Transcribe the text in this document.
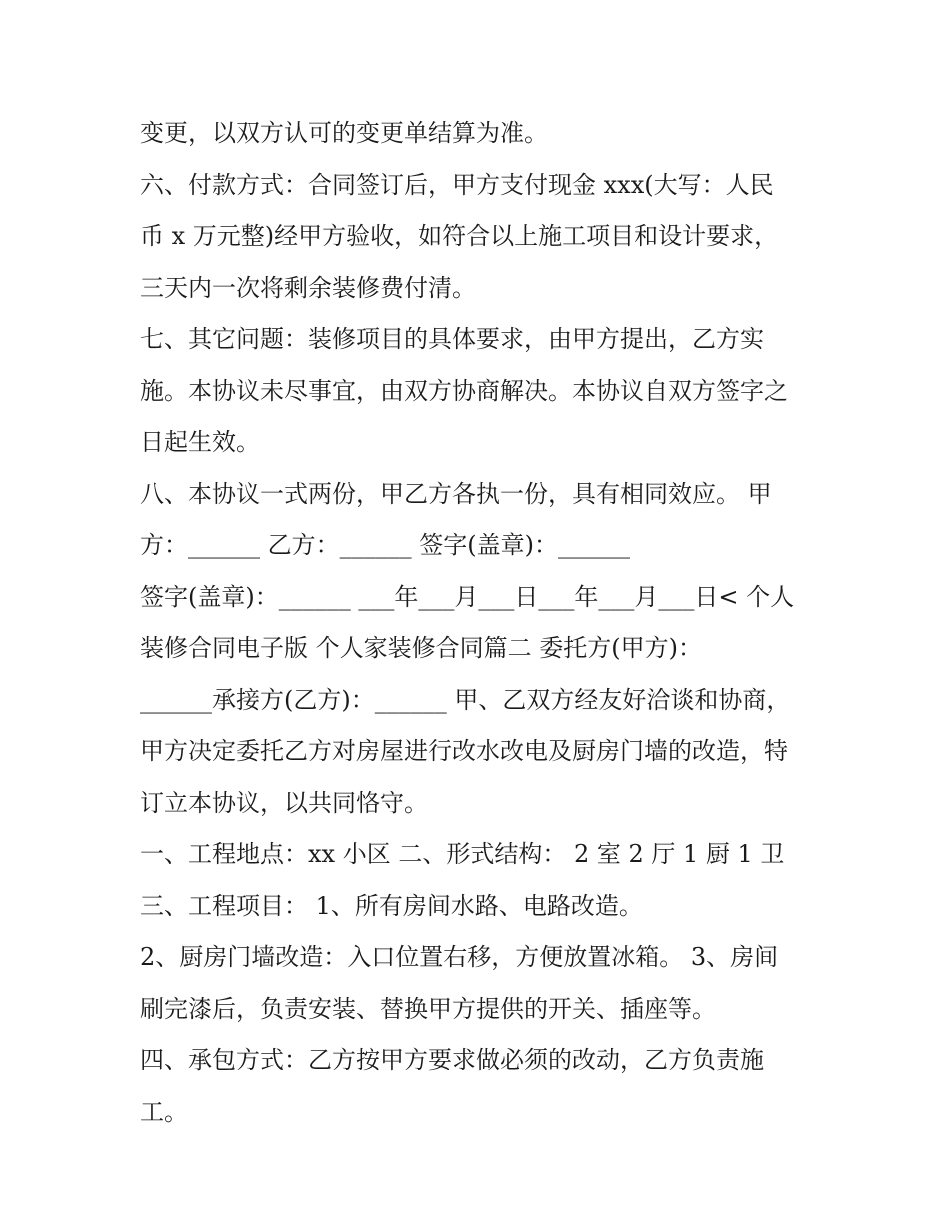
变更，以双方认可的变更单结算为准。
六、付款方式：合同签订后，甲方支付现金 xxx(大写：人民
币 x 万元整)经甲方验收，如符合以上施工项目和设计要求，
三天内一次将剩余装修费付清。
七、其它问题：装修项目的具体要求，由甲方提出，乙方实
施。本协议未尽事宜，由双方协商解决。本协议自双方签字之
日起生效。
八、本协议一式两份，甲乙方各执一份，具有相同效应。 甲
方：______ 乙方：______ 签字(盖章)：______
签字(盖章)：______ ___年___月___日___年___月___日< 个人
装修合同电子版 个人家装修合同篇二 委托方(甲方)：
______承接方(乙方)：______ 甲、乙双方经友好洽谈和协商，
甲方决定委托乙方对房屋进行改水改电及厨房门墙的改造，特
订立本协议，以共同恪守。
一、工程地点：xx 小区 二、形式结构： 2 室 2 厅 1 厨 1 卫
三、工程项目： 1、所有房间水路、电路改造。
2、厨房门墙改造：入口位置右移，方便放置冰箱。 3、房间
刷完漆后，负责安装、替换甲方提供的开关、插座等。
四、承包方式：乙方按甲方要求做必须的改动，乙方负责施
工。
